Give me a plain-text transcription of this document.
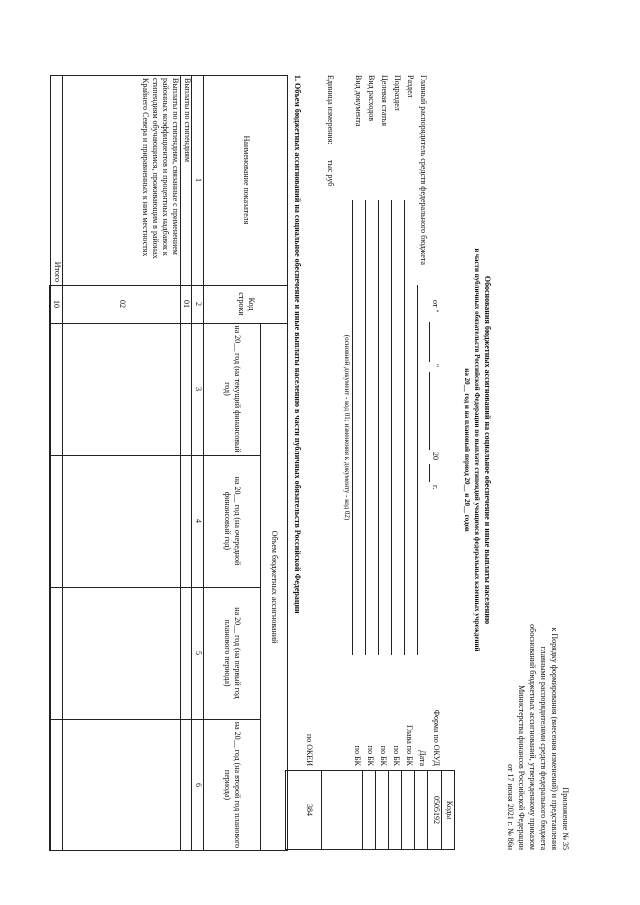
Приложение № 35
к Порядку формирования (внесения изменений) и представления
главными распорядителями средств федерального бюджета
обоснований бюджетных ассигнований, утвержденному приказом
Министерства финансов Российской Федерации
от 17 июня 2021 г. № 86н
Обоснования бюджетных ассигнований на социальное обеспечение и иные выплаты населению
в части публичных обязательств Российской Федерации по выплате стипендий учащимся федеральных казенных учреждений
на 20__ год и на плановый период 20__ и 20__ годов
Коды
0505192
384
Форма по ОКУД
Дата
Глава по БК
по БК
по БК
по БК
по БК
по ОКЕИ
от "
"
20
г.
Главный распорядитель средств федерального бюджета
Раздел
Подраздел
Целевая статья
Вид расходов
Вид документа
(основной документ - код 01; изменения к документу - код 02)
Единица измерения:
тыс руб
1. Объем бюджетных ассигнований на социальное обеспечение и иные выплаты населению в части публичных обязательств Российской Федерации
Наименование показателя
Код строки
Объем бюджетных ассигнований
на 20__ год (на текущий финансовый год)
на 20__ год (на очередной финансовый год)
на 20__ год (на первый год планового периода)
на 20__ год (на второй год планового периода)
1
2
3
4
5
6
Выплаты по стипендиям
01
Выплаты по стипендиям, связанные с применением районных коэффициентов и процентных надбавок к стипендиям обучающимся, проживающим в районах Крайнего Севера и приравненных к ним местностях
02
Итого
10
